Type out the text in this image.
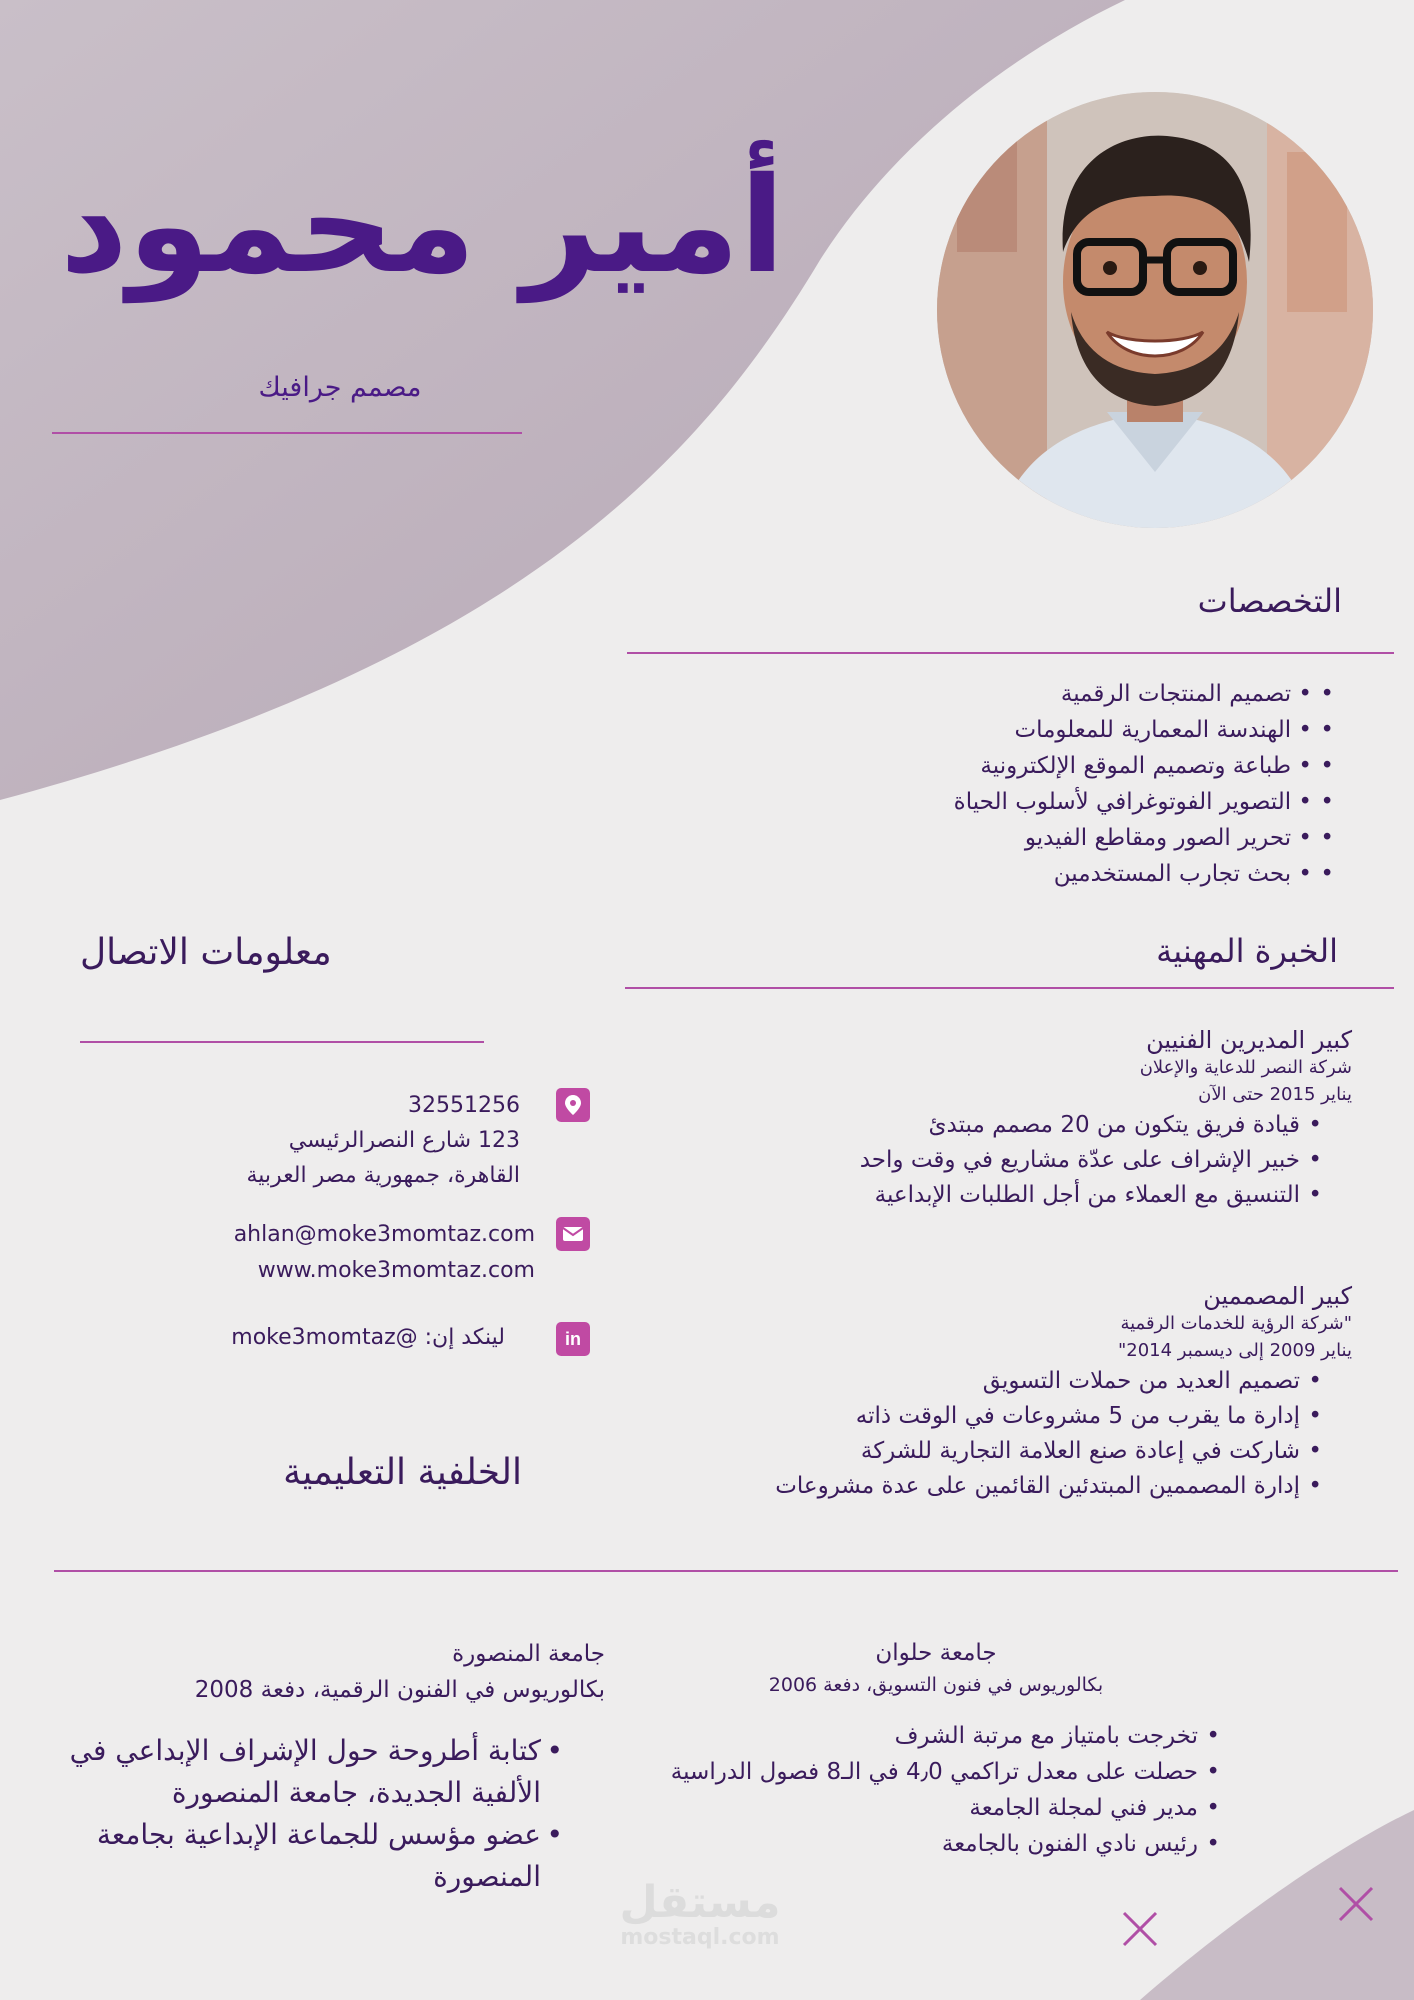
أمير محمود
مصمم جرافيك
التخصصات
• • تصميم المنتجات الرقمية
• • الهندسة المعمارية للمعلومات
• • طباعة وتصميم الموقع الإلكترونية
• • التصوير الفوتوغرافي لأسلوب الحياة
• • تحرير الصور ومقاطع الفيديو
• • بحث تجارب المستخدمين
الخبرة المهنية
كبير المديرين الفنيين
شركة النصر للدعاية والإعلان
يناير 2015 حتى الآن
• قيادة فريق يتكون من 20 مصمم مبتدئ
• خبير الإشراف على عدّة مشاريع في وقت واحد
• التنسيق مع العملاء من أجل الطلبات الإبداعية
كبير المصممين
"شركة الرؤية للخدمات الرقمية
يناير 2009 إلى ديسمبر 2014"
• تصميم العديد من حملات التسويق
• إدارة ما يقرب من 5 مشروعات في الوقت ذاته
• شاركت في إعادة صنع العلامة التجارية للشركة
• إدارة المصممين المبتدئين القائمين على عدة مشروعات
معلومات الاتصال
32551256
123 شارع النصرالرئيسي
القاهرة، جمهورية مصر العربية
ahlan@moke3momtaz.com
www.moke3momtaz.com
in
لينكد إن: @moke3momtaz
الخلفية التعليمية
جامعة حلوان
بكالوريوس في فنون التسويق، دفعة 2006
• تخرجت بامتياز مع مرتبة الشرف
• حصلت على معدل تراكمي 4٫0 في الـ8 فصول الدراسية
• مدير فني لمجلة الجامعة
• رئيس نادي الفنون بالجامعة
جامعة المنصورة
بكالوريوس في الفنون الرقمية، دفعة 2008
• كتابة أطروحة حول الإشراف الإبداعي في الألفية الجديدة، جامعة المنصورة
• عضو مؤسس للجماعة الإبداعية بجامعة المنصورة
مستقل
mostaql.com
